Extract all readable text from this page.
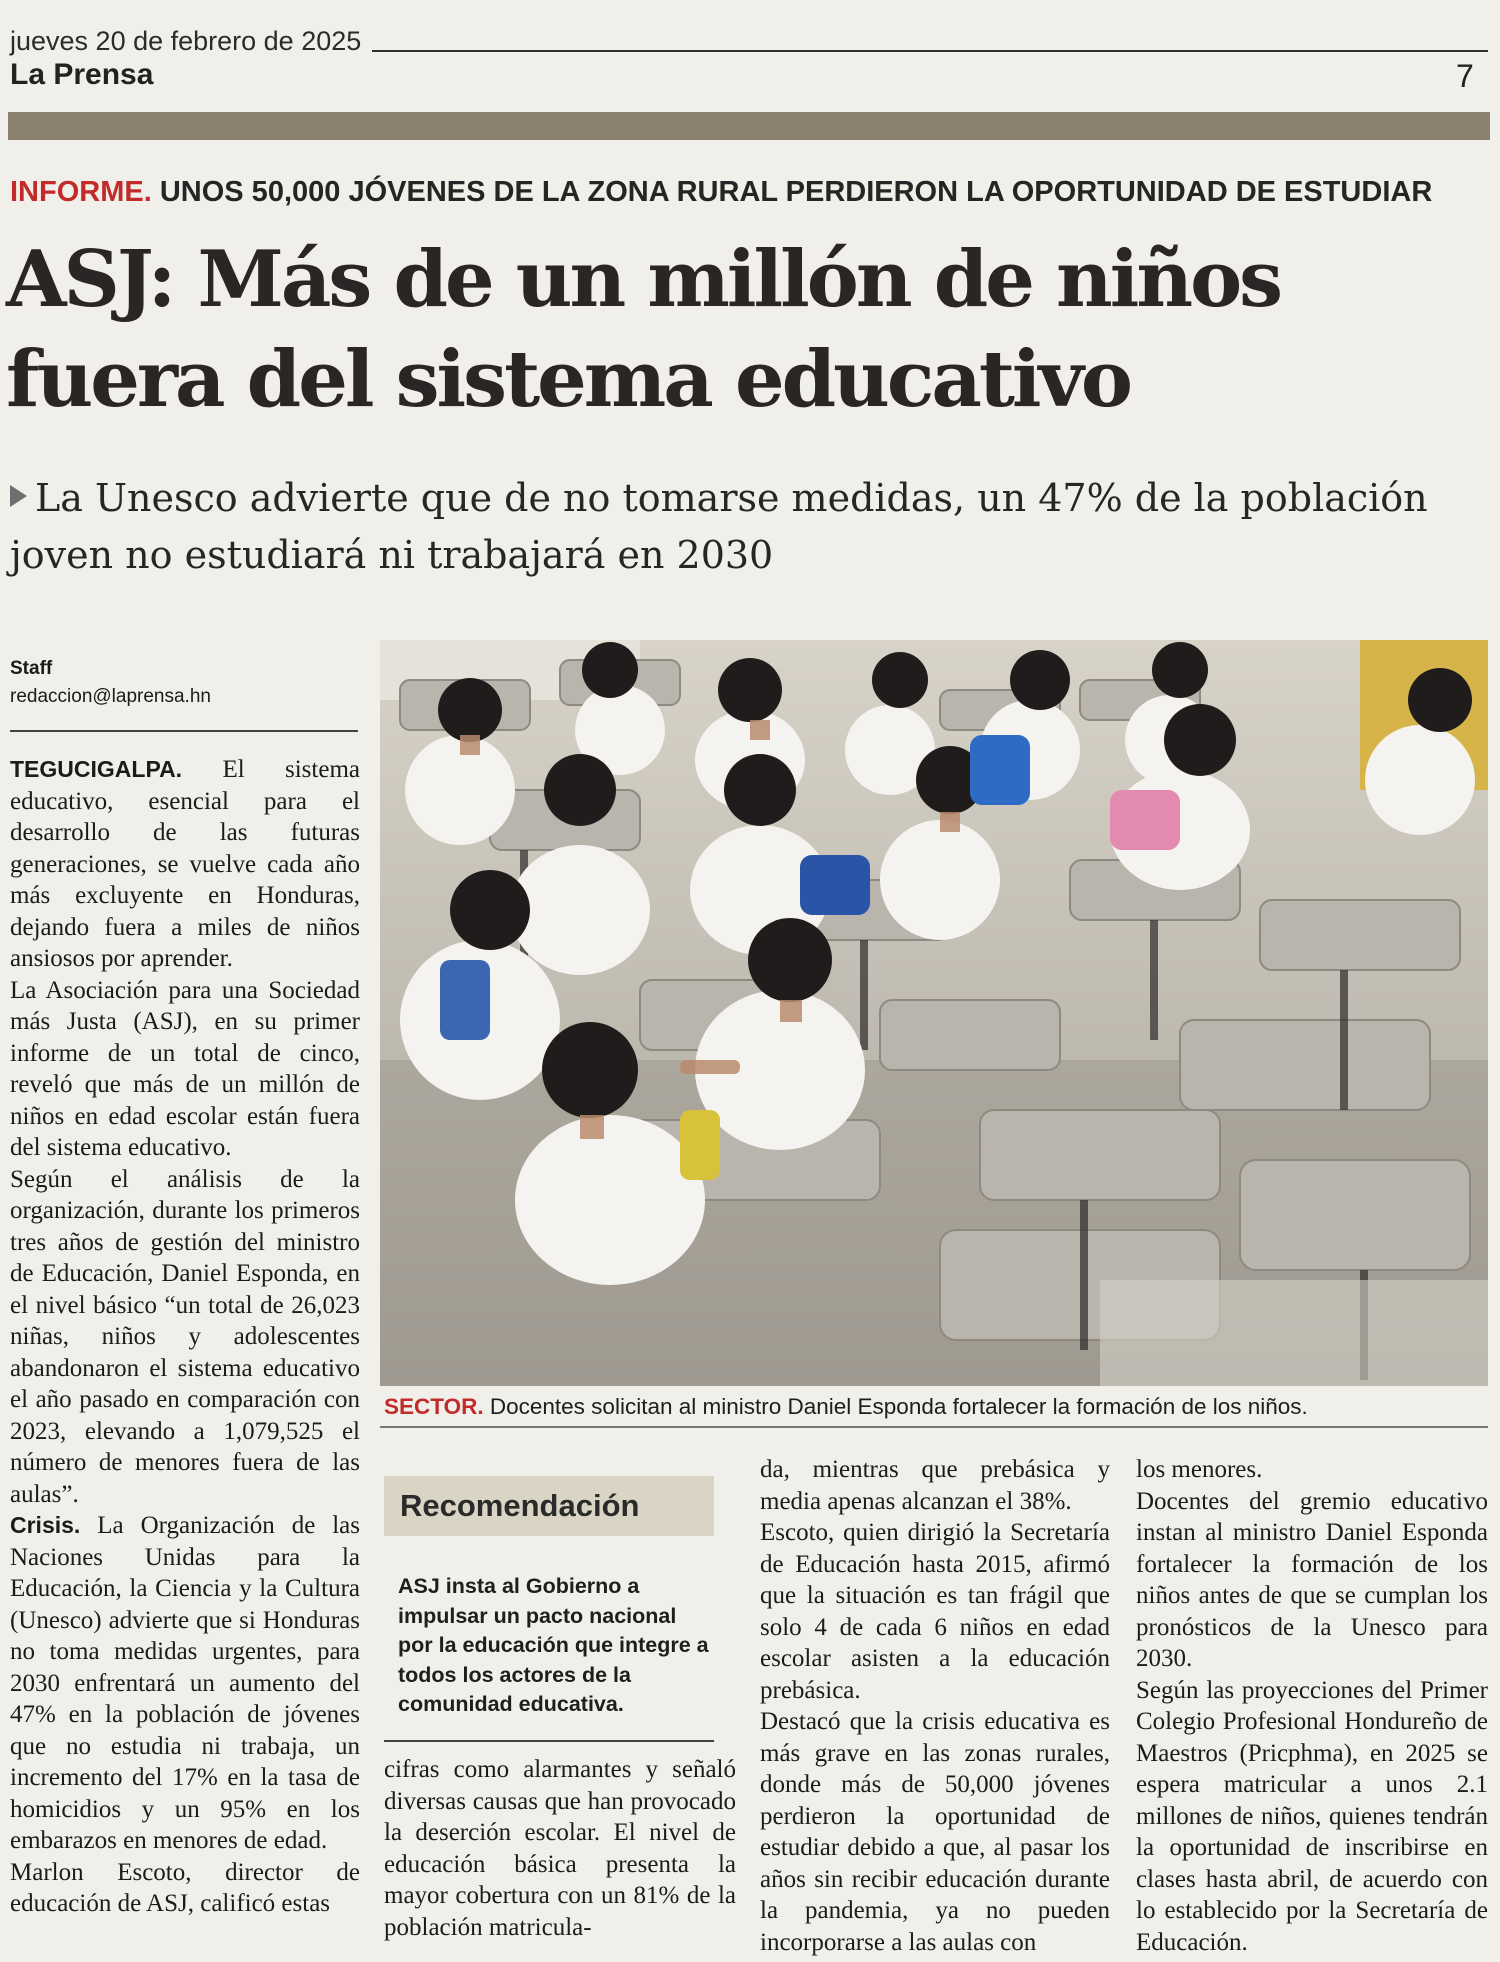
jueves 20 de febrero de 2025
La Prensa	7
INFORME. UNOS 50,000 JÓVENES DE LA ZONA RURAL PERDIERON LA OPORTUNIDAD DE ESTUDIAR
ASJ: Más de un millón de niños
fuera del sistema educativo
La Unesco advierte que de no tomarse medidas, un 47% de la población
joven no estudiará ni trabajará en 2030
Staff
redaccion@laprensa.hn

TEGUCIGALPA. El sistema educativo, esencial para el desarrollo de las futuras generaciones, se vuelve cada año más excluyente en Honduras, dejando fuera a miles de niños ansiosos por aprender.

La Asociación para una Sociedad más Justa (ASJ), en su primer informe de un total de cinco, reveló que más de un millón de niños en edad escolar están fuera del sistema educativo.

Según el análisis de la organización, durante los primeros tres años de gestión del ministro de Educación, Daniel Esponda, en el nivel básico “un total de 26,023 niñas, niños y adolescentes abandonaron el sistema educativo el año pasado en comparación con 2023, elevando a 1,079,525 el número de menores fuera de las aulas”.

Crisis. La Organización de las Naciones Unidas para la Educación, la Ciencia y la Cultura (Unesco) advierte que si Honduras no toma medidas urgentes, para 2030 enfrentará un aumento del 47% en la población de jóvenes que no estudia ni trabaja, un incremento del 17% en la tasa de homicidios y un 95% en los embarazos en menores de edad.

Marlon Escoto, director de educación de ASJ, calificó estas

SECTOR. Docentes solicitan al ministro Daniel Esponda fortalecer la formación de los niños.
Recomendación
ASJ insta al Gobierno a impulsar un pacto nacional por la educación que integre a todos los actores de la comunidad educativa.

cifras como alarmantes y señaló diversas causas que han provocado la deserción escolar. El nivel de educación básica presenta la mayor cobertura con un 81% de la población matricula-

da, mientras que prebásica y media apenas alcanzan el 38%.

Escoto, quien dirigió la Secretaría de Educación hasta 2015, afirmó que la situación es tan frágil que solo 4 de cada 6 niños en edad escolar asisten a la educación prebásica.

Destacó que la crisis educativa es más grave en las zonas rurales, donde más de 50,000 jóvenes perdieron la oportunidad de estudiar debido a que, al pasar los años sin recibir educación durante la pandemia, ya no pueden incorporarse a las aulas con

los menores.

Docentes del gremio educativo instan al ministro Daniel Esponda fortalecer la formación de los niños antes de que se cumplan los pronósticos de la Unesco para 2030.

Según las proyecciones del Primer Colegio Profesional Hondureño de Maestros (Pricphma), en 2025 se espera matricular a unos 2.1 millones de niños, quienes tendrán la oportunidad de inscribirse en clases hasta abril, de acuerdo con lo establecido por la Secretaría de Educación.
